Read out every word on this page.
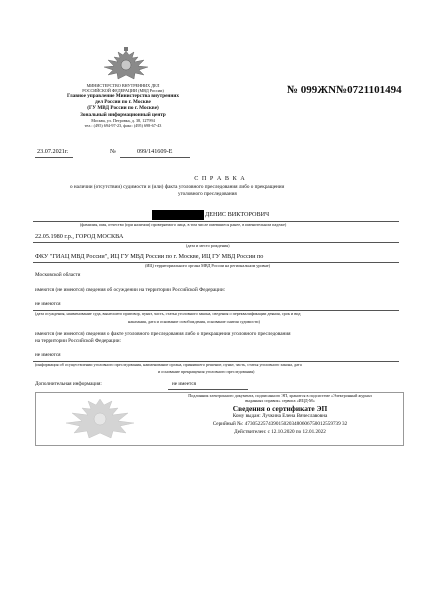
МИНИСТЕРСТВО ВНУТРЕННИХ ДЕЛ
РОССИЙСКОЙ ФЕДЕРАЦИИ (МВД России)
Главное управление Министерства внутренних
дел России по г. Москве
(ГУ МВД России по г. Москве)
Зональный информационный центр
Москва, ул. Петровка, д. 38, 127994
тел.: (495) 694-97-23, факс: (495) 698-67-43
23.07.2021г.	№	099/141609-Е
№ 099ЖN№0721101494
С П Р А В К А
о наличии (отсутствии) судимости и (или) факта уголовного преследования либо о прекращении
уголовного преследования
ДЕНИС ВИКТОРОВИЧ
(фамилия, имя, отчество (при наличии) проверяемого лица, в том числе имевшиеся ранее, в именительном падеже)
22.05.1980 г.р., ГОРОД МОСКВА
(дата и место рождения)
ФКУ "ГИАЦ МВД России", ИЦ ГУ МВД России по г. Москве, ИЦ ГУ МВД России по
(ИЦ) территориального органа МВД России на региональном уровне)
Московской области
имеются (не имеются) сведения об осуждении на территории Российской Федерации:
не имеются
(дата осуждения, наименование суда, вынесшего приговор, пункт, часть, статья уголовного закона, сведения о переквалификации деяния, срок и вид
наказания, дата и основание освобождения, основание снятия судимости)
имеются (не имеются) сведения о факте уголовного преследования либо о прекращении уголовного преследования
на территории Российской Федерации:
не имеются
(информация об осуществлении уголовного преследования, наименование органа, принявшего решение, пункт, часть, статья уголовного закона, дата
и основание прекращения уголовного преследования)
Дополнительная информация:	не имеется
Подлинник электронного документа, подписанного ЭП, хранится в подсистеме «Электронный журнал
выданных справок» сервиса «ИЦД-М»
Сведения о сертификате ЭП
Кому выдан: Лучкина Елена Вячеславовна
Серийный №: 4730522574390150203480606750012559739 32
Действителен: с 12.10.2020 по 12.01.2022
